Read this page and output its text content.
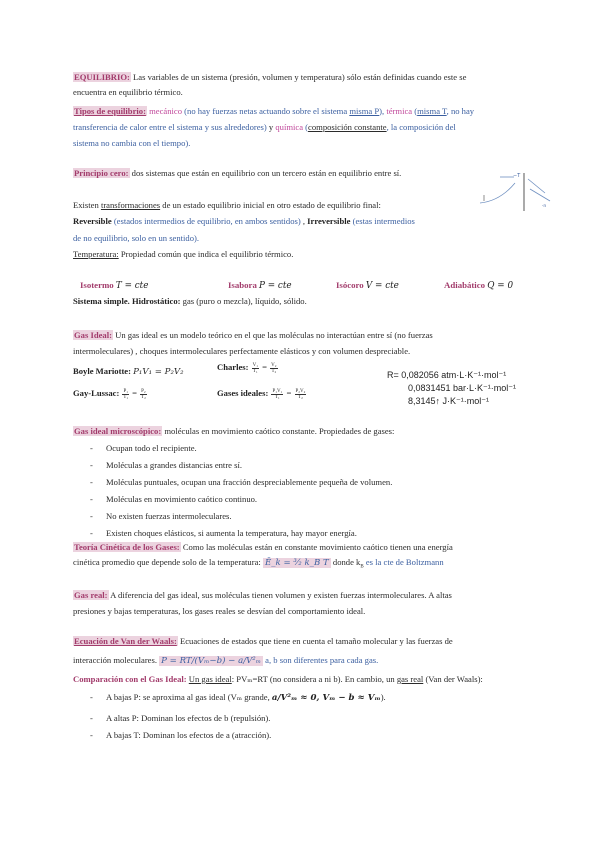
EQUILIBRIO: Las variables de un sistema (presión, volumen y temperatura) sólo están definidas cuando este se
encuentra en equilibrio térmico.
Tipos de equilibrio: mecánico (no hay fuerzas netas actuando sobre el sistema misma P), térmica (misma T, no hay
transferencia de calor entre el sistema y sus alrededores) y química (composición constante, la composición del
sistema no cambia con el tiempo).
Principio cero: dos sistemas que están en equilibrio con un tercero están en equilibrio entre sí.	−T
·n
Existen transformaciones de un estado equilibrio inicial en otro estado de equilibrio final:
Reversible (estados intermedios de equilibrio, en ambos sentidos) , Irreversible (estas intermedios
de no equilibrio, solo en un sentido).
Temperatura: Propiedad común que indica el equilibrio térmico.
Isotermo T = cte	Isabora P = cte	Isócoro V = cte	Adiabático Q = 0
Sistema simple. Hidrostático: gas (puro o mezcla), líquido, sólido.
Gas Ideal: Un gas ideal es un modelo teórico en el que las moléculas no interactúan entre sí (no fuerzas
intermoleculares) , choques intermoleculares perfectamente elásticos y con volumen despreciable.
Boyle Mariotte: P₁V₁ = P₂V₂	Charles: $\frac{\text{V₁}}{\text{T₁}} = \frac{\text{V₂}}{\text{T₂}}$
Gay-Lussac: $\frac{\text{P₁}}{\text{T₁}} = \frac{\text{P₂}}{\text{T₂}}$	Gases ideales: $\frac{\text{P₁V₁}}{\text{T₁}} = \frac{\text{P₂V₂}}{\text{T₂}}$
R= 0,082056 atm·L·K⁻¹·mol⁻¹
0,0831451 bar·L·K⁻¹·mol⁻¹
8,3145↑ J·K⁻¹·mol⁻¹
Gas ideal microscópico: moléculas en movimiento caótico constante. Propiedades de gases:
- Ocupan todo el recipiente.
- Moléculas a grandes distancias entre sí.
- Moléculas puntuales, ocupan una fracción despreciablemente pequeña de volumen.
- Moléculas en movimiento caótico continuo.
- No existen fuerzas intermoleculares.
- Existen choques elásticos, si aumenta la temperatura, hay mayor energía.
Teoría Cinética de los Gases: Como las moléculas están en constante movimiento caótico tienen una energía
cinética promedio que depende solo de la temperatura: Ē_k = ³⁄₂ k_B T donde $k_B$ es la cte de Boltzmann
Gas real: A diferencia del gas ideal, sus moléculas tienen volumen y existen fuerzas intermoleculares. A altas
presiones y bajas temperaturas, los gases reales se desvían del comportamiento ideal.
Ecuación de Van der Waals: Ecuaciones de estados que tiene en cuenta el tamaño molecular y las fuerzas de
interacción moleculares. P = RT/(Vₘ−b) − a/V²ₘ a, b son diferentes para cada gas.
Comparación con el Gas Ideal: Un gas ideal: PVₘ=RT (no considera a ni b). En cambio, un gas real (Van der Waals):
- A bajas P: se aproxima al gas ideal (Vₘ grande, a/V²ₘ ≈ 0, Vₘ − b ≈ Vₘ).
- A altas P: Dominan los efectos de b (repulsión).
- A bajas T: Dominan los efectos de a (atracción).
